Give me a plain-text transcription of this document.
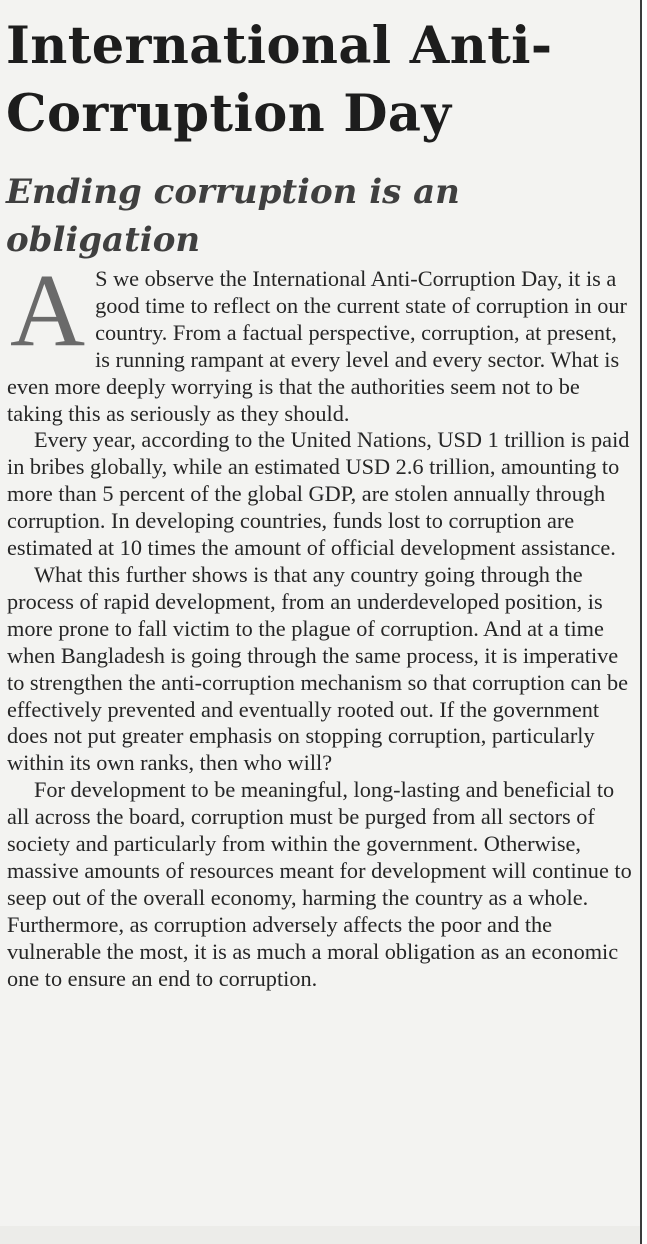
International Anti-Corruption Day
Ending corruption is an obligation

A S we observe the International Anti-Corruption Day, it is a good time to reflect on the current state of corruption in our country. From a factual perspective, corruption, at present, is running rampant at every level and every sector. What is even more deeply worrying is that the authorities seem not to be taking this as seriously as they should.

Every year, according to the United Nations, USD 1 trillion is paid in bribes globally, while an estimated USD 2.6 trillion, amounting to more than 5 percent of the global GDP, are stolen annually through corruption. In developing countries, funds lost to corruption are estimated at 10 times the amount of official development assistance.

What this further shows is that any country going through the process of rapid development, from an underdeveloped position, is more prone to fall victim to the plague of corruption. And at a time when Bangladesh is going through the same process, it is imperative to strengthen the anti-corruption mechanism so that corruption can be effectively prevented and eventually rooted out. If the government does not put greater emphasis on stopping corruption, particularly within its own ranks, then who will?

For development to be meaningful, long-lasting and beneficial to all across the board, corruption must be purged from all sectors of society and particularly from within the government. Otherwise, massive amounts of resources meant for development will continue to seep out of the overall economy, harming the country as a whole. Furthermore, as corruption adversely affects the poor and the vulnerable the most, it is as much a moral obligation as an economic one to ensure an end to corruption.
